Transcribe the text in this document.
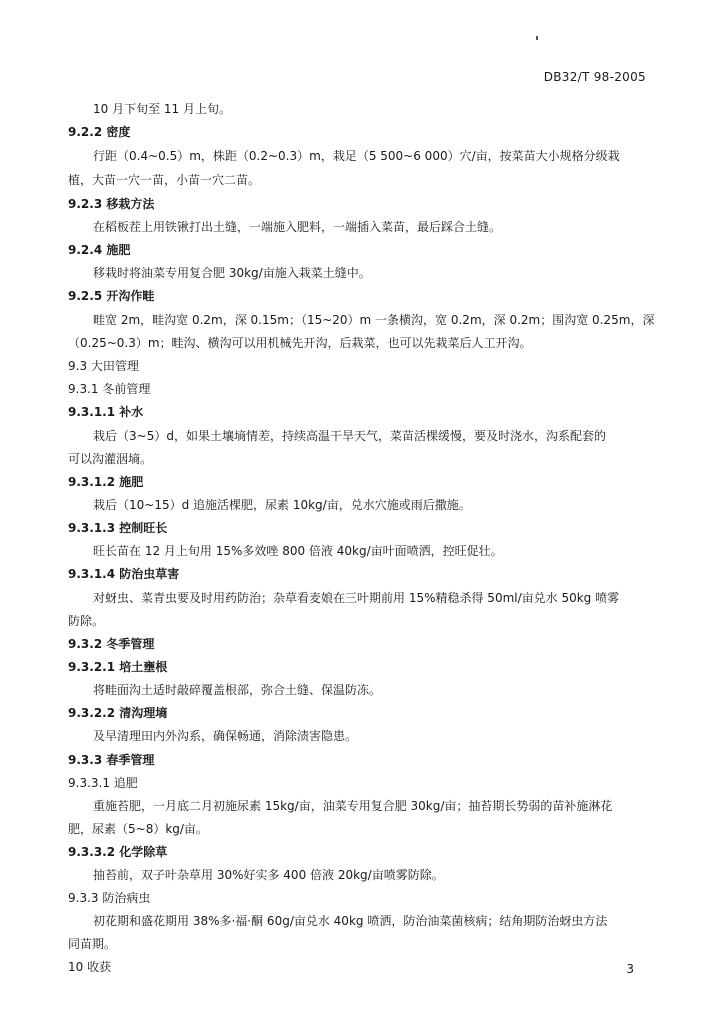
DB32/T 98-2005
10 月下旬至 11 月上旬。
9.2.2 密度
行距（0.4~0.5）m，株距（0.2~0.3）m，栽足（5 500~6 000）穴/亩，按菜苗大小规格分级栽
植，大苗一穴一苗，小苗一穴二苗。
9.2.3 移栽方法
在稻板茬上用铁锹打出土缝，一端施入肥料，一端插入菜苗，最后踩合土缝。
9.2.4 施肥
移栽时将油菜专用复合肥 30kg/亩施入栽菜土缝中。
9.2.5 开沟作畦
畦宽 2m，畦沟宽 0.2m，深 0.15m；（15~20）m 一条横沟，宽 0.2m，深 0.2m；围沟宽 0.25m，深
（0.25~0.3）m；畦沟、横沟可以用机械先开沟，后栽菜，也可以先栽菜后人工开沟。
9.3 大田管理
9.3.1 冬前管理
9.3.1.1 补水
栽后（3~5）d，如果土壤墒情差，持续高温干旱天气，菜苗活棵缓慢，要及时浇水，沟系配套的
可以沟灌洇墒。
9.3.1.2 施肥
栽后（10~15）d 追施活棵肥，尿素 10kg/亩，兑水穴施或雨后撒施。
9.3.1.3 控制旺长
旺长苗在 12 月上旬用 15%多效唑 800 倍液 40kg/亩叶面喷洒，控旺促壮。
9.3.1.4 防治虫草害
对蚜虫、菜青虫要及时用药防治；杂草看麦娘在三叶期前用 15%精稳杀得 50ml/亩兑水 50kg 喷雾
防除。
9.3.2 冬季管理
9.3.2.1 培土壅根
将畦面沟土适时敲碎覆盖根部，弥合土缝、保温防冻。
9.3.2.2 清沟理墒
及早清理田内外沟系，确保畅通，消除渍害隐患。
9.3.3 春季管理
9.3.3.1 追肥
重施苔肥，一月底二月初施尿素 15kg/亩，油菜专用复合肥 30kg/亩；抽苔期长势弱的苗补施淋花
肥，尿素（5~8）kg/亩。
9.3.3.2 化学除草
抽苔前，双子叶杂草用 30%好实多 400 倍液 20kg/亩喷雾防除。
9.3.3 防治病虫
初花期和盛花期用 38%多·福·酮 60g/亩兑水 40kg 喷洒，防治油菜菌核病；结角期防治蚜虫方法
同苗期。
10 收获	3
